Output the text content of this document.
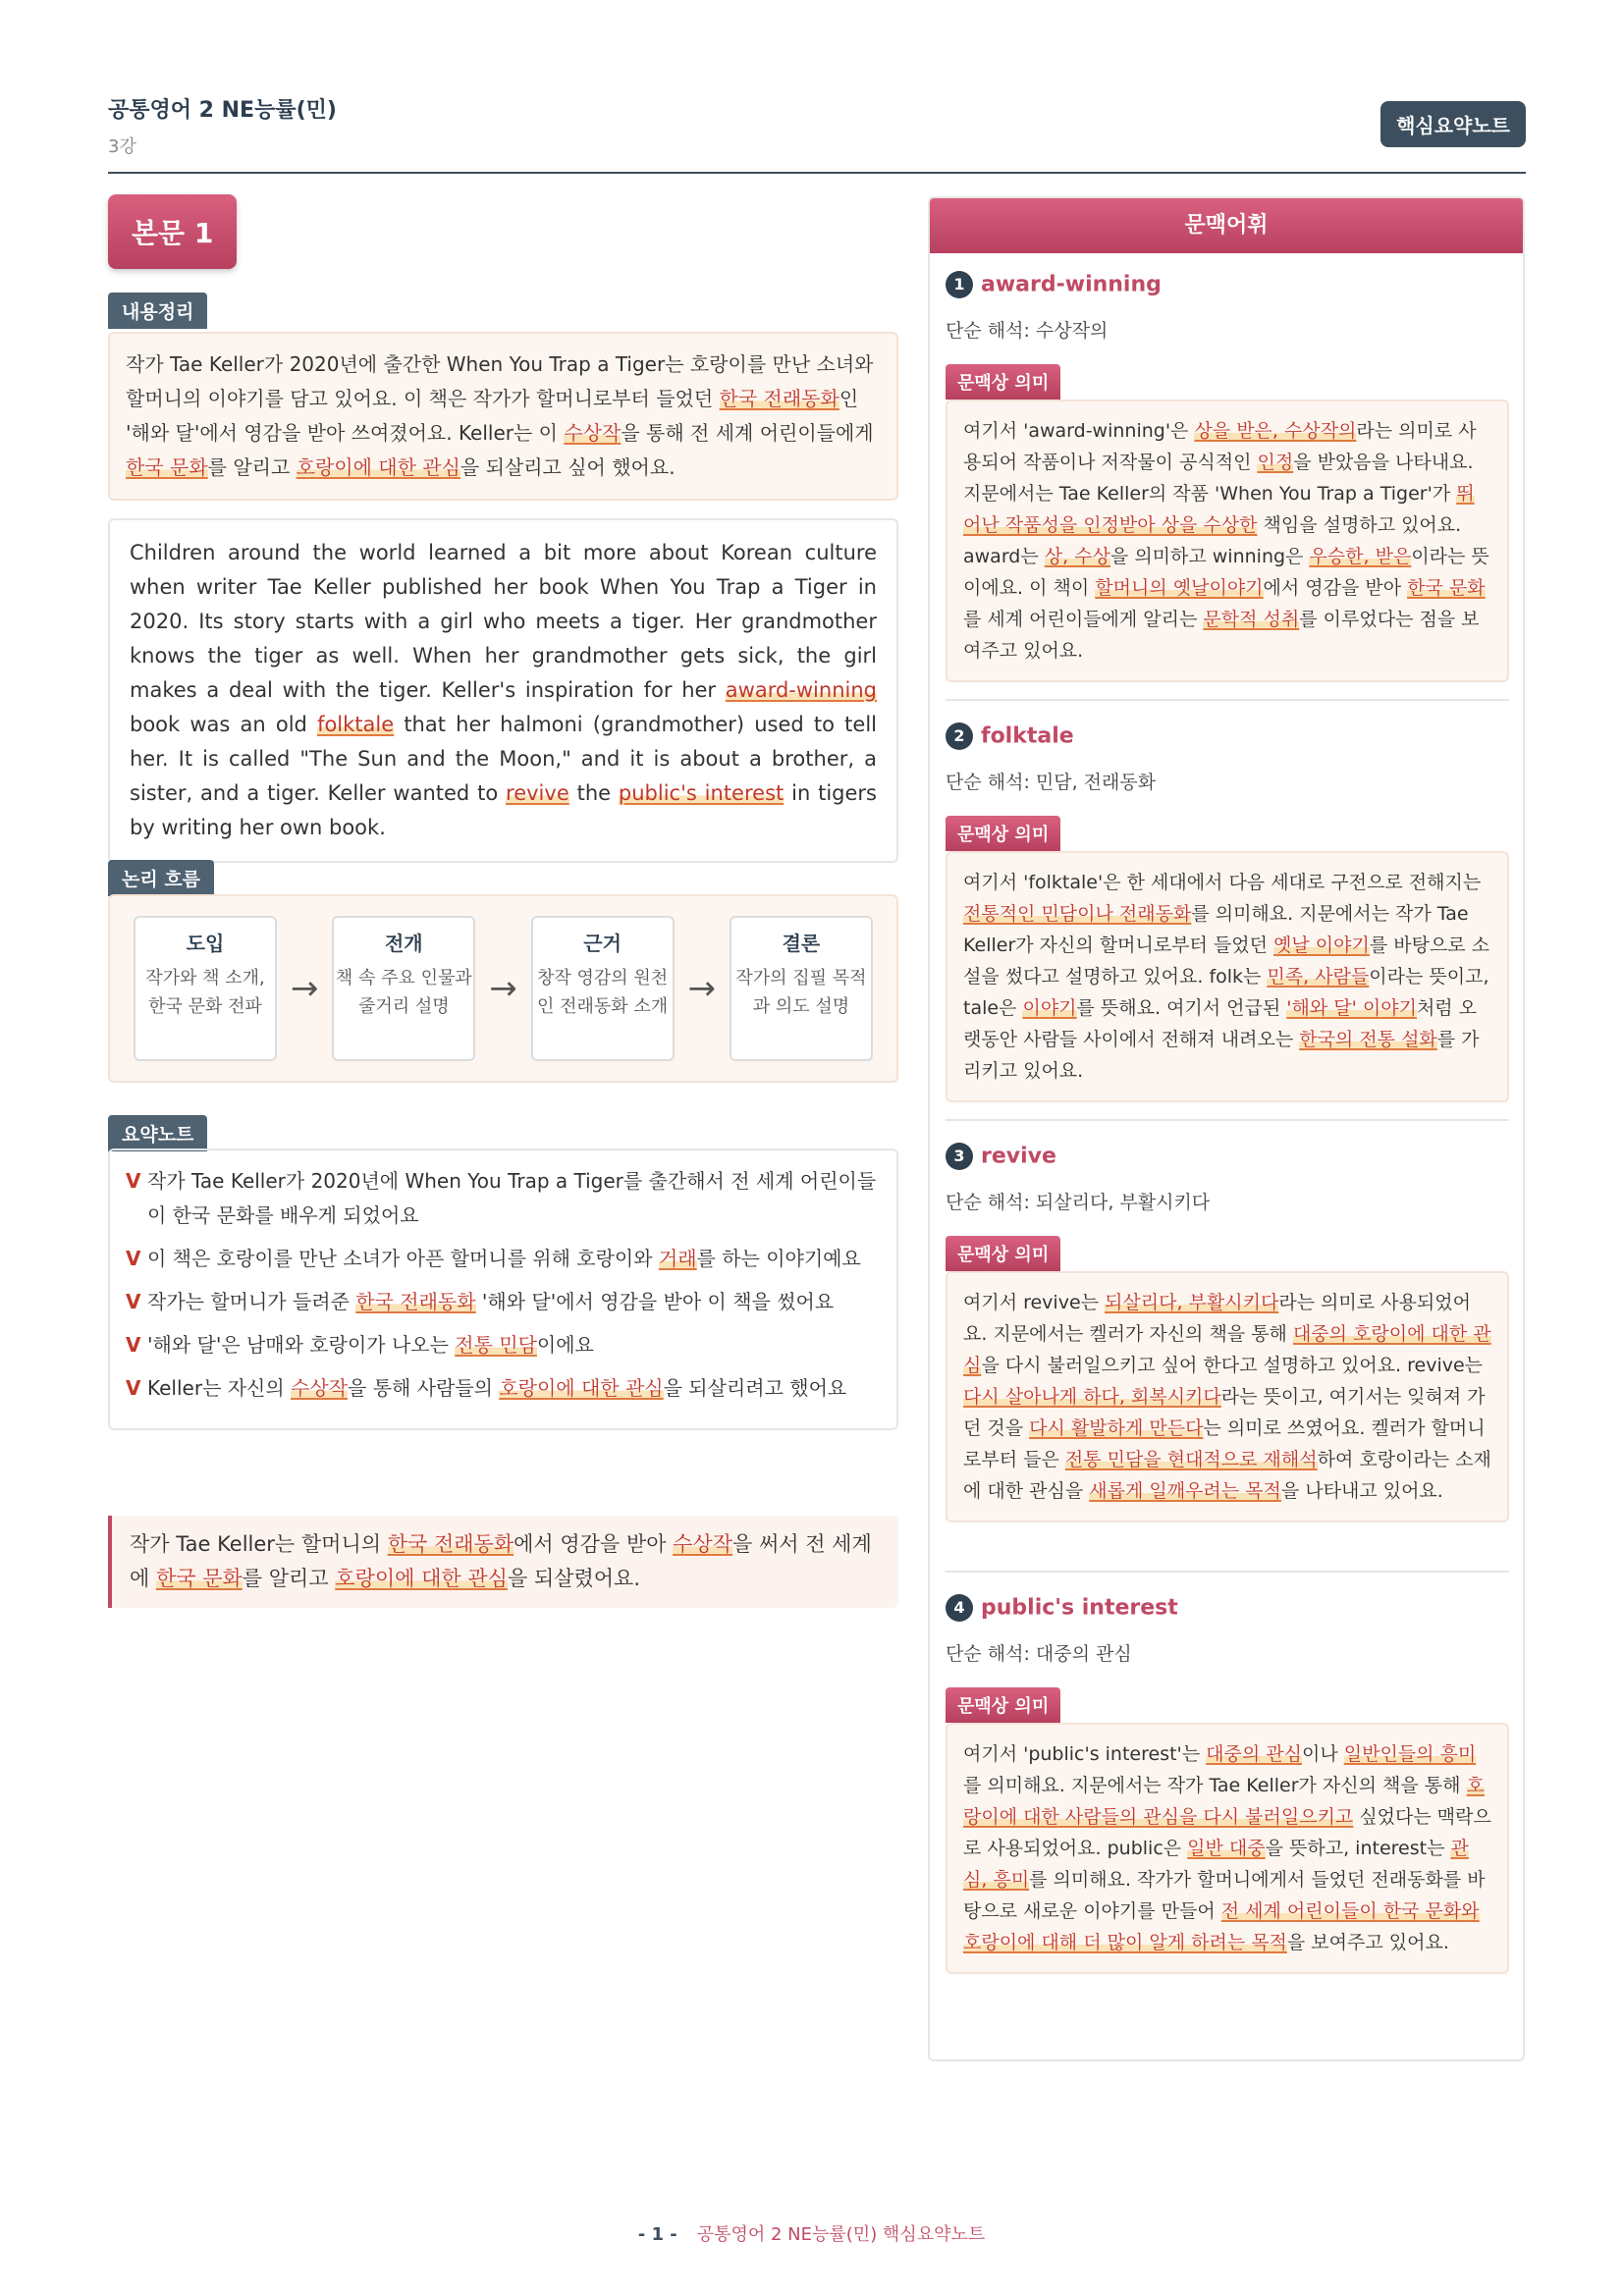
공통영어 2 NE능률(민)
3강
핵심요약노트
본문 1
내용정리
작가 Tae Keller가 2020년에 출간한 When You Trap a Tiger는 호랑이를 만난 소녀와 할머니의 이야기를 담고 있어요. 이 책은 작가가 할머니로부터 들었던 한국 전래동화인 '해와 달'에서 영감을 받아 쓰여졌어요. Keller는 이 수상작을 통해 전 세계 어린이들에게 한국 문화를 알리고 호랑이에 대한 관심을 되살리고 싶어 했어요.
Children around the world learned a bit more about Korean culture when writer Tae Keller published her book When You Trap a Tiger in 2020. Its story starts with a girl who meets a tiger. Her grandmother knows the tiger as well. When her grandmother gets sick, the girl makes a deal with the tiger. Keller's inspiration for her award-winning book was an old folktale that her halmoni (grandmother) used to tell her. It is called "The Sun and the Moon," and it is about a brother, a sister, and a tiger. Keller wanted to revive the public's interest in tigers by writing her own book.
논리 흐름
도입
작가와 책 소개, 한국 문화 전파 →
전개
책 속 주요 인물과 줄거리 설명	→
근거
창작 영감의 원천인 전래동화 소개 →
결론
작가의 집필 목적과 의도 설명
요약노트
V 작가 Tae Keller가 2020년에 When You Trap a Tiger를 출간해서 전 세계 어린이들이 한국 문화를 배우게 되었어요
V 이 책은 호랑이를 만난 소녀가 아픈 할머니를 위해 호랑이와 거래를 하는 이야기예요
V 작가는 할머니가 들려준 한국 전래동화 '해와 달'에서 영감을 받아 이 책을 썼어요
V '해와 달'은 남매와 호랑이가 나오는 전통 민담이에요
V Keller는 자신의 수상작을 통해 사람들의 호랑이에 대한 관심을 되살리려고 했어요
작가 Tae Keller는 할머니의 한국 전래동화에서 영감을 받아 수상작을 써서 전 세계에 한국 문화를 알리고 호랑이에 대한 관심을 되살렸어요.
문맥어휘
1 award-winning
단순 해석: 수상작의
문맥상 의미
여기서 'award-winning'은 상을 받은, 수상작의라는 의미로 사용되어 작품이나 저작물이 공식적인 인정을 받았음을 나타내요. 지문에서는 Tae Keller의 작품 'When You Trap a Tiger'가 뛰어난 작품성을 인정받아 상을 수상한 책임을 설명하고 있어요. award는 상, 수상을 의미하고 winning은 우승한, 받은이라는 뜻이에요. 이 책이 할머니의 옛날이야기에서 영감을 받아 한국 문화를 세계 어린이들에게 알리는 문학적 성취를 이루었다는 점을 보여주고 있어요.
2 folktale
단순 해석: 민담, 전래동화
문맥상 의미
여기서 'folktale'은 한 세대에서 다음 세대로 구전으로 전해지는 전통적인 민담이나 전래동화를 의미해요. 지문에서는 작가 Tae Keller가 자신의 할머니로부터 들었던 옛날 이야기를 바탕으로 소설을 썼다고 설명하고 있어요. folk는 민족, 사람들이라는 뜻이고, tale은 이야기를 뜻해요. 여기서 언급된 '해와 달' 이야기처럼 오랫동안 사람들 사이에서 전해져 내려오는 한국의 전통 설화를 가리키고 있어요.
3 revive
단순 해석: 되살리다, 부활시키다
문맥상 의미
여기서 revive는 되살리다, 부활시키다라는 의미로 사용되었어요. 지문에서는 켈러가 자신의 책을 통해 대중의 호랑이에 대한 관심을 다시 불러일으키고 싶어 한다고 설명하고 있어요. revive는 다시 살아나게 하다, 회복시키다라는 뜻이고, 여기서는 잊혀져 가던 것을 다시 활발하게 만든다는 의미로 쓰였어요. 켈러가 할머니로부터 들은 전통 민담을 현대적으로 재해석하여 호랑이라는 소재에 대한 관심을 새롭게 일깨우려는 목적을 나타내고 있어요.
4 public's interest
단순 해석: 대중의 관심
문맥상 의미
여기서 'public's interest'는 대중의 관심이나 일반인들의 흥미를 의미해요. 지문에서는 작가 Tae Keller가 자신의 책을 통해 호랑이에 대한 사람들의 관심을 다시 불러일으키고 싶었다는 맥락으로 사용되었어요. public은 일반 대중을 뜻하고, interest는 관심, 흥미를 의미해요. 작가가 할머니에게서 들었던 전래동화를 바탕으로 새로운 이야기를 만들어 전 세계 어린이들이 한국 문화와 호랑이에 대해 더 많이 알게 하려는 목적을 보여주고 있어요.
- 1 - 공통영어 2 NE능률(민) 핵심요약노트
